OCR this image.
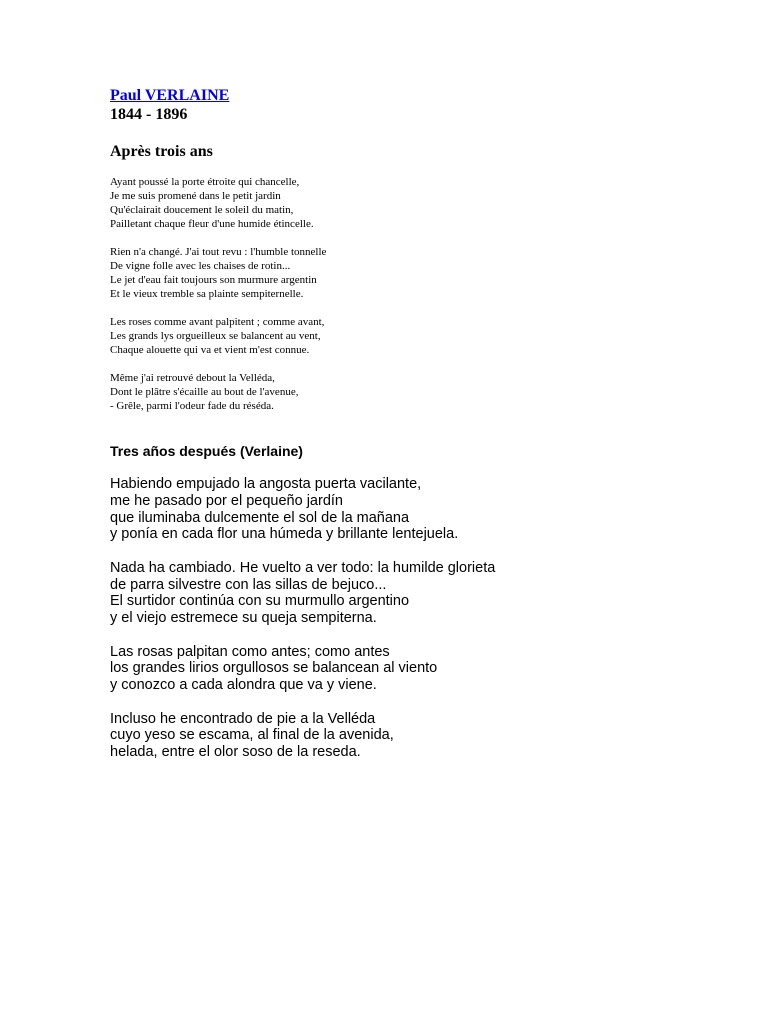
Paul VERLAINE

1844 - 1896

Après trois ans

Ayant poussé la porte étroite qui chancelle,
Je me suis promené dans le petit jardin
Qu'éclairait doucement le soleil du matin,
Pailletant chaque fleur d'une humide étincelle.

Rien n'a changé. J'ai tout revu : l'humble tonnelle
De vigne folle avec les chaises de rotin...
Le jet d'eau fait toujours son murmure argentin
Et le vieux tremble sa plainte sempiternelle.

Les roses comme avant palpitent ; comme avant,
Les grands lys orgueilleux se balancent au vent,
Chaque alouette qui va et vient m'est connue.

Même j'ai retrouvé debout la Velléda,
Dont le plâtre s'écaille au bout de l'avenue,
- Grêle, parmi l'odeur fade du réséda.

Tres años después (Verlaine)

Habiendo empujado la angosta puerta vacilante,
me he pasado por el pequeño jardín
que iluminaba dulcemente el sol de la mañana
y ponía en cada flor una húmeda y brillante lentejuela.

Nada ha cambiado. He vuelto a ver todo: la humilde glorieta
de parra silvestre con las sillas de bejuco...
El surtidor continúa con su murmullo argentino
y el viejo estremece su queja sempiterna.

Las rosas palpitan como antes; como antes
los grandes lirios orgullosos se balancean al viento
y conozco a cada alondra que va y viene.

Incluso he encontrado de pie a la Velléda
cuyo yeso se escama, al final de la avenida,
helada, entre el olor soso de la reseda.
